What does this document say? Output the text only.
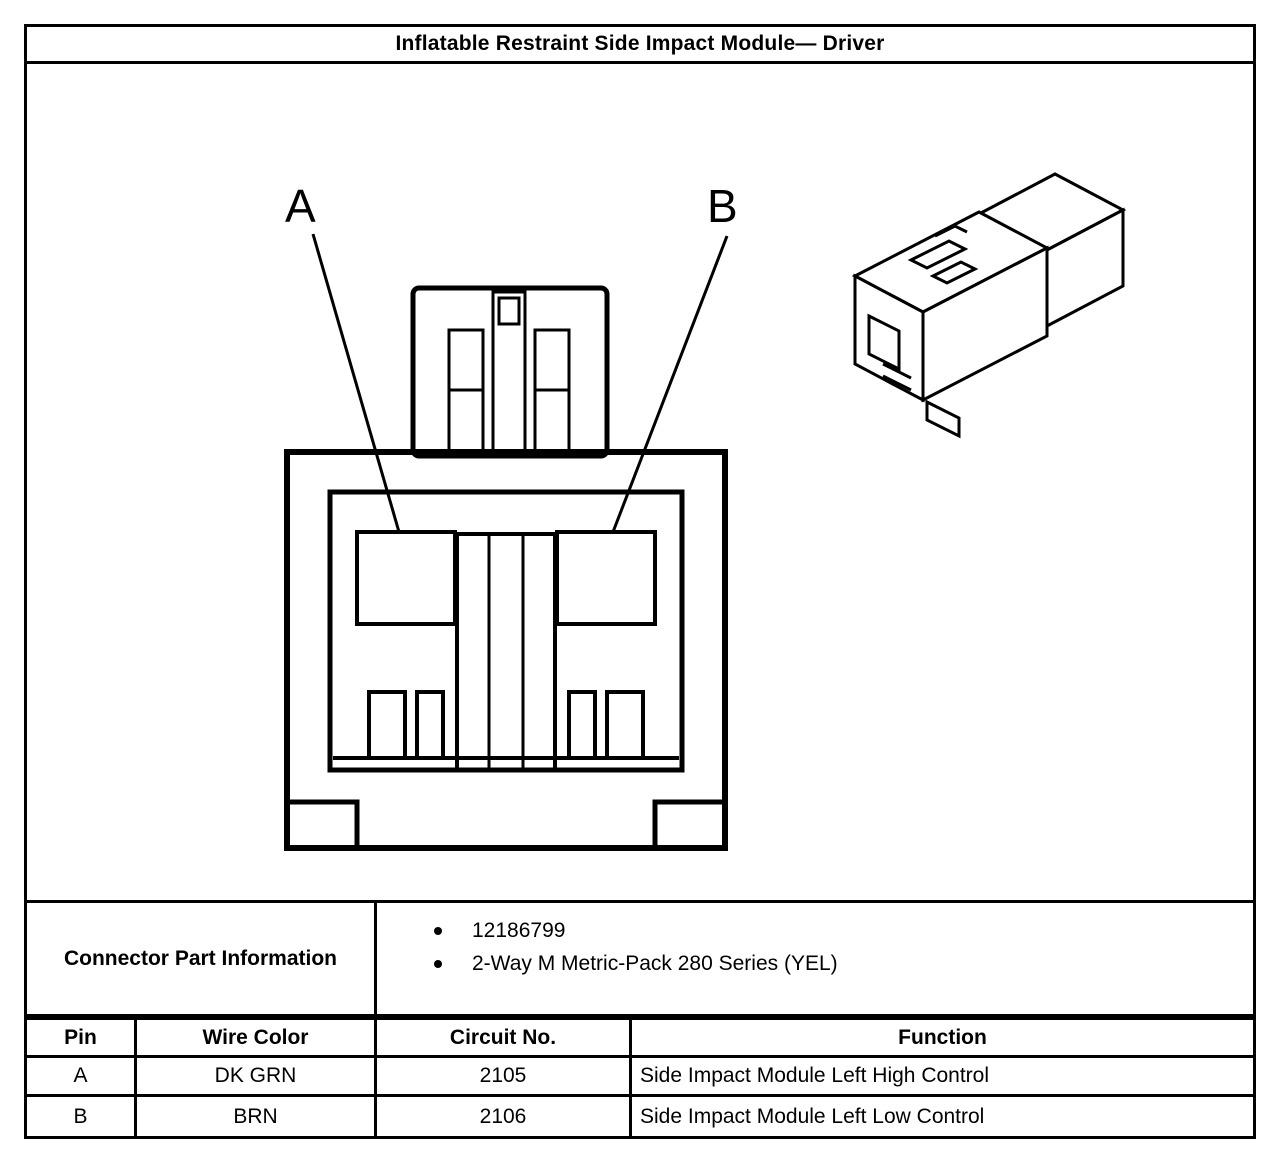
Inflatable Restraint Side Impact Module— Driver
A	B
Connector Part Information
12186799
2-Way M Metric-Pack 280 Series (YEL)
Pin	Wire Color	Circuit No.	Function
A	DK GRN	2105	Side Impact Module Left High Control
B	BRN	2106	Side Impact Module Left Low Control
